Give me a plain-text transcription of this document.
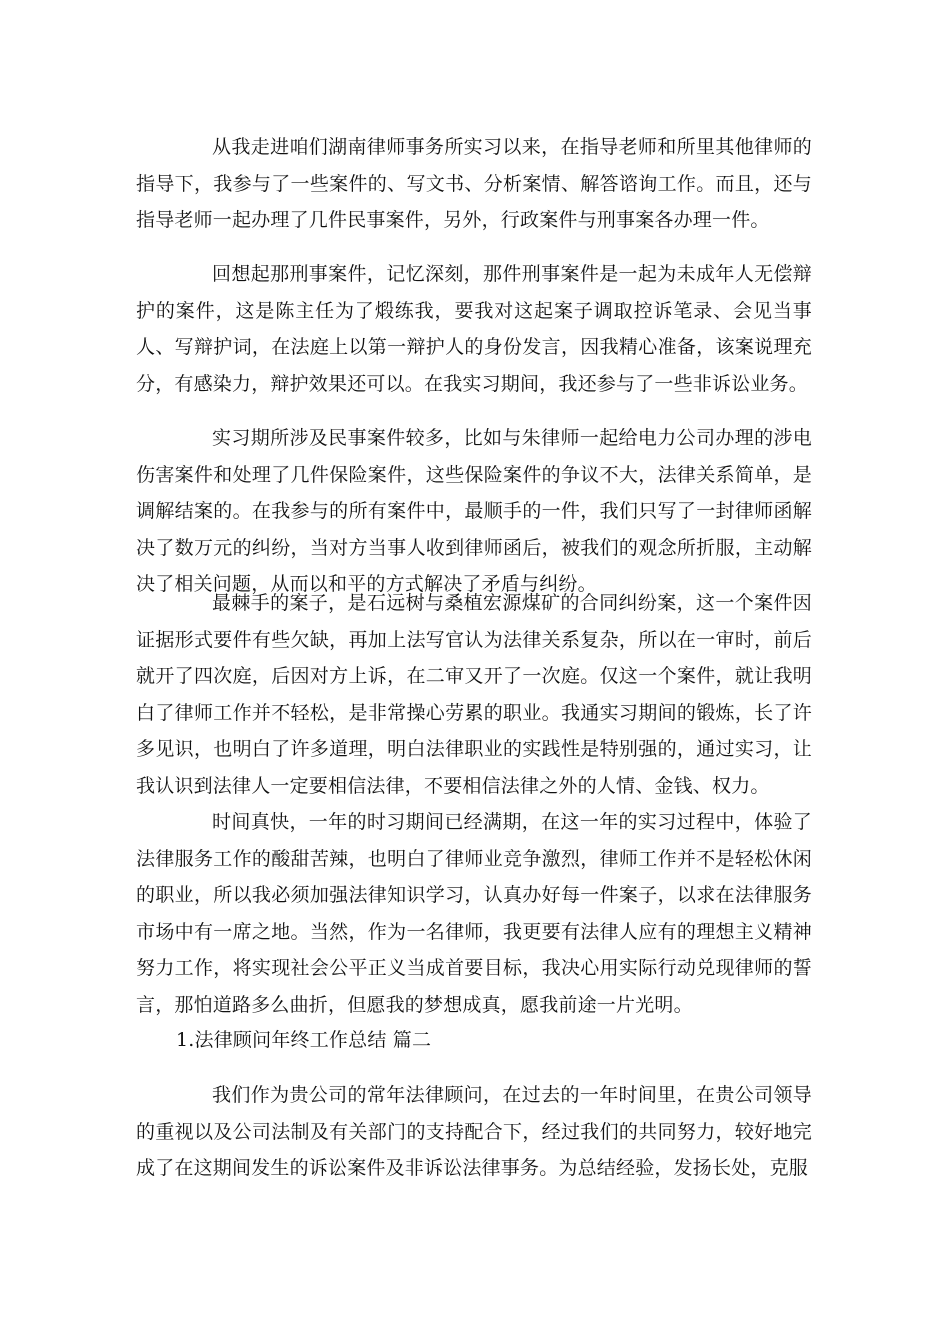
从我走进咱们湖南律师事务所实习以来，在指导老师和所里其他律师的指导下，我参与了一些案件的、写文书、分析案情、解答谘询工作。而且，还与指导老师一起办理了几件民事案件，另外，行政案件与刑事案各办理一件。

回想起那刑事案件，记忆深刻，那件刑事案件是一起为未成年人无偿辩护的案件，这是陈主任为了煅练我，要我对这起案子调取控诉笔录、会见当事人、写辩护词，在法庭上以第一辩护人的身份发言，因我精心准备，该案说理充分，有感染力，辩护效果还可以。在我实习期间，我还参与了一些非诉讼业务。

实习期所涉及民事案件较多，比如与朱律师一起给电力公司办理的涉电伤害案件和处理了几件保险案件，这些保险案件的争议不大，法律关系简单，是调解结案的。在我参与的所有案件中，最顺手的一件，我们只写了一封律师函解决了数万元的纠纷，当对方当事人收到律师函后，被我们的观念所折服，主动解决了相关问题，从而以和平的方式解决了矛盾与纠纷。

最棘手的案子，是石远树与桑植宏源煤矿的合同纠纷案，这一个案件因证据形式要件有些欠缺，再加上法写官认为法律关系复杂，所以在一审时，前后就开了四次庭，后因对方上诉，在二审又开了一次庭。仅这一个案件，就让我明白了律师工作并不轻松，是非常操心劳累的职业。我通实习期间的锻炼，长了许多见识，也明白了许多道理，明白法律职业的实践性是特别强的，通过实习，让我认识到法律人一定要相信法律，不要相信法律之外的人情、金钱、权力。

时间真快，一年的时习期间已经满期，在这一年的实习过程中，体验了法律服务工作的酸甜苦辣，也明白了律师业竞争激烈，律师工作并不是轻松休闲的职业，所以我必须加强法律知识学习，认真办好每一件案子，以求在法律服务市场中有一席之地。当然，作为一名律师，我更要有法律人应有的理想主义精神努力工作，将实现社会公平正义当成首要目标，我决心用实际行动兑现律师的誓言，那怕道路多么曲折，但愿我的梦想成真，愿我前途一片光明。

1.法律顾问年终工作总结 篇二

我们作为贵公司的常年法律顾问，在过去的一年时间里，在贵公司领导的重视以及公司法制及有关部门的支持配合下，经过我们的共同努力，较好地完成了在这期间发生的诉讼案件及非诉讼法律事务。为总结经验，发扬长处，克服
